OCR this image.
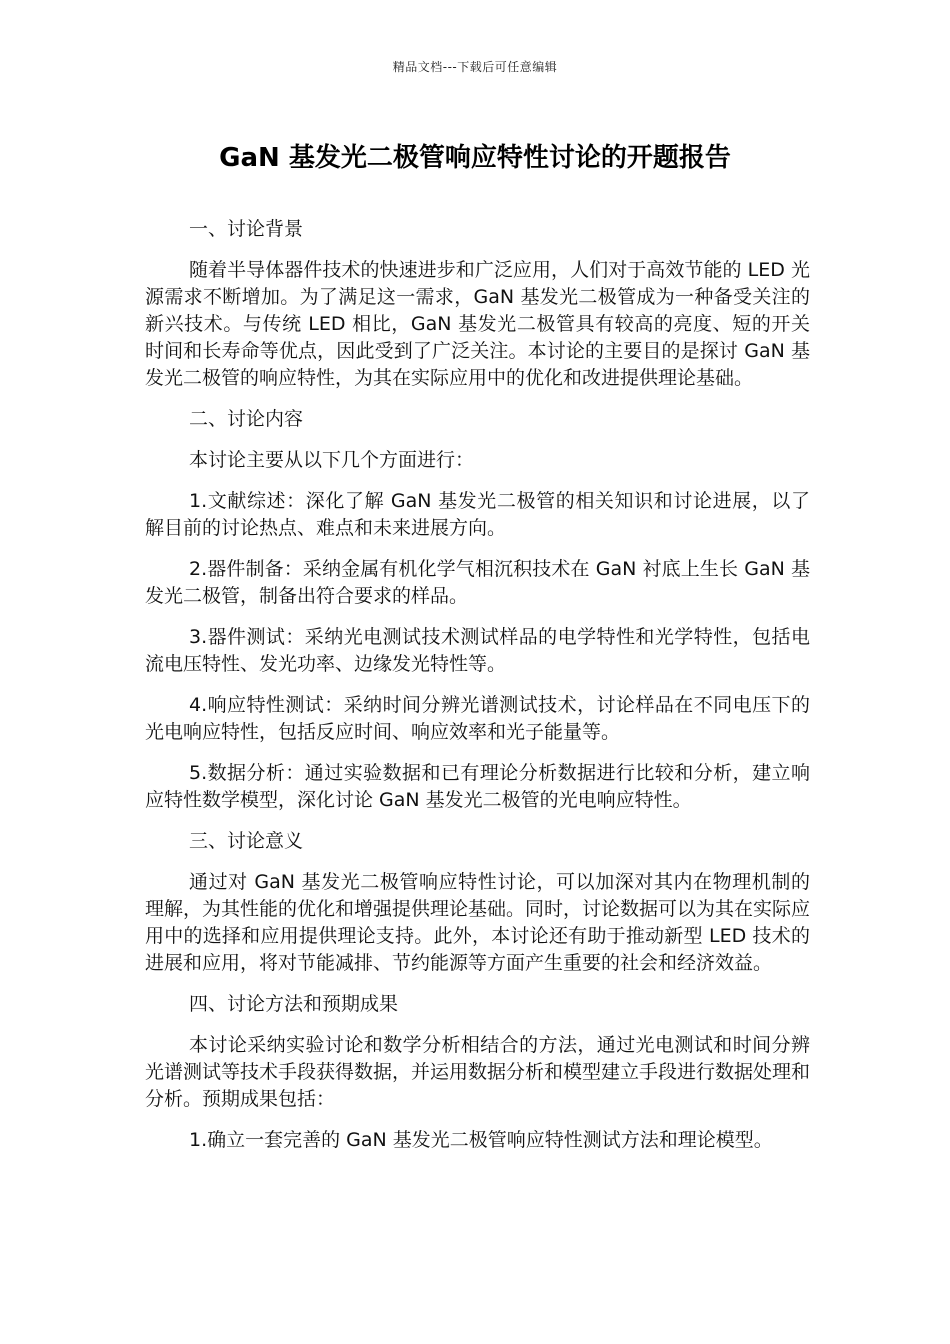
精品文档---下载后可任意编辑
GaN 基发光二极管响应特性讨论的开题报告

一、讨论背景

随着半导体器件技术的快速进步和广泛应用，人们对于高效节能的 LED 光源需求不断增加。为了满足这一需求，GaN 基发光二极管成为一种备受关注的新兴技术。与传统 LED 相比，GaN 基发光二极管具有较高的亮度、短的开关时间和长寿命等优点，因此受到了广泛关注。本讨论的主要目的是探讨 GaN 基发光二极管的响应特性，为其在实际应用中的优化和改进提供理论基础。

二、讨论内容

本讨论主要从以下几个方面进行：

1.文献综述：深化了解 GaN 基发光二极管的相关知识和讨论进展，以了解目前的讨论热点、难点和未来进展方向。

2.器件制备：采纳金属有机化学气相沉积技术在 GaN 衬底上生长 GaN 基发光二极管，制备出符合要求的样品。

3.器件测试：采纳光电测试技术测试样品的电学特性和光学特性，包括电流电压特性、发光功率、边缘发光特性等。

4.响应特性测试：采纳时间分辨光谱测试技术，讨论样品在不同电压下的光电响应特性，包括反应时间、响应效率和光子能量等。

5.数据分析：通过实验数据和已有理论分析数据进行比较和分析，建立响应特性数学模型，深化讨论 GaN 基发光二极管的光电响应特性。

三、讨论意义

通过对 GaN 基发光二极管响应特性讨论，可以加深对其内在物理机制的理解，为其性能的优化和增强提供理论基础。同时，讨论数据可以为其在实际应用中的选择和应用提供理论支持。此外，本讨论还有助于推动新型 LED 技术的进展和应用，将对节能减排、节约能源等方面产生重要的社会和经济效益。

四、讨论方法和预期成果

本讨论采纳实验讨论和数学分析相结合的方法，通过光电测试和时间分辨光谱测试等技术手段获得数据，并运用数据分析和模型建立手段进行数据处理和分析。预期成果包括：

1.确立一套完善的 GaN 基发光二极管响应特性测试方法和理论模型。
